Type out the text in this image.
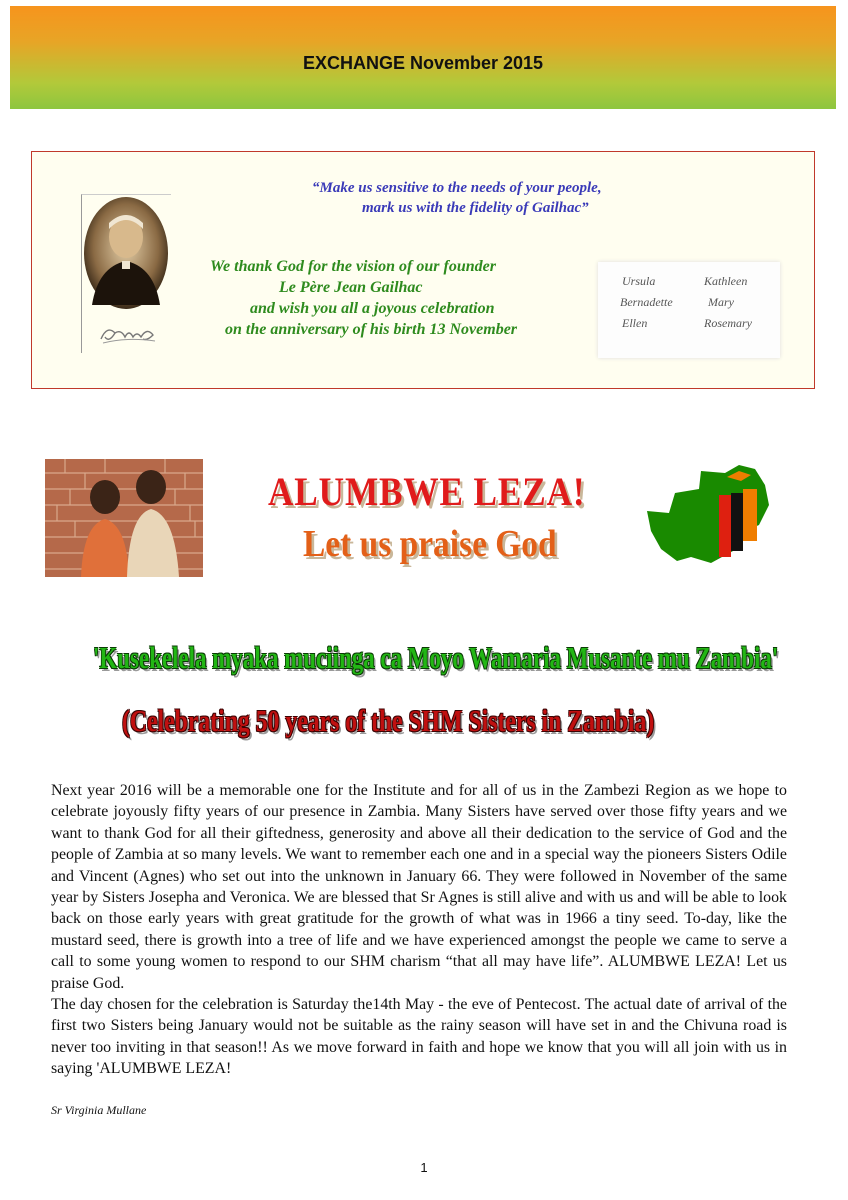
EXCHANGE November 2015
“Make us sensitive to the needs of your people,
mark us with the fidelity of Gailhac”
We thank God for the vision of our founder
Le Père Jean Gailhac
and wish you all a joyous celebration
on the anniversary of his birth 13 November
Ursula	Kathleen
Bernadette	Mary
Ellen	Rosemary
ALUMBWE LEZA!
Let us praise God
'Kusekelela myaka muciinga ca Moyo Wamaria Musante mu Zambia'
(Celebrating 50 years of the SHM Sisters in Zambia)

Next year 2016 will be a memorable one for the Institute and for all of us in the Zambezi Region as we hope to celebrate joyously fifty years of our presence in Zambia. Many Sisters have served over those fifty years and we want to thank God for all their giftedness, generosity and above all their dedication to the service of God and the people of Zambia at so many levels. We want to remember each one and in a special way the pioneers Sisters Odile and Vincent (Agnes) who set out into the unknown in January 66. They were followed in November of the same year by Sisters Josepha and Veronica. We are blessed that Sr Agnes is still alive and with us and will be able to look back on those early years with great gratitude for the growth of what was in 1966 a tiny seed. To-day, like the mustard seed, there is growth into a tree of life and we have experienced amongst the people we came to serve a call to some young women to respond to our SHM charism “that all may have life”. ALUMBWE LEZA! Let us praise God.

The day chosen for the celebration is Saturday the14th May - the eve of Pentecost. The actual date of arrival of the first two Sisters being January would not be suitable as the rainy season will have set in and the Chivuna road is never too inviting in that season!! As we move forward in faith and hope we know that you will all join with us in saying 'ALUMBWE LEZA!

Sr Virginia Mullane
1
